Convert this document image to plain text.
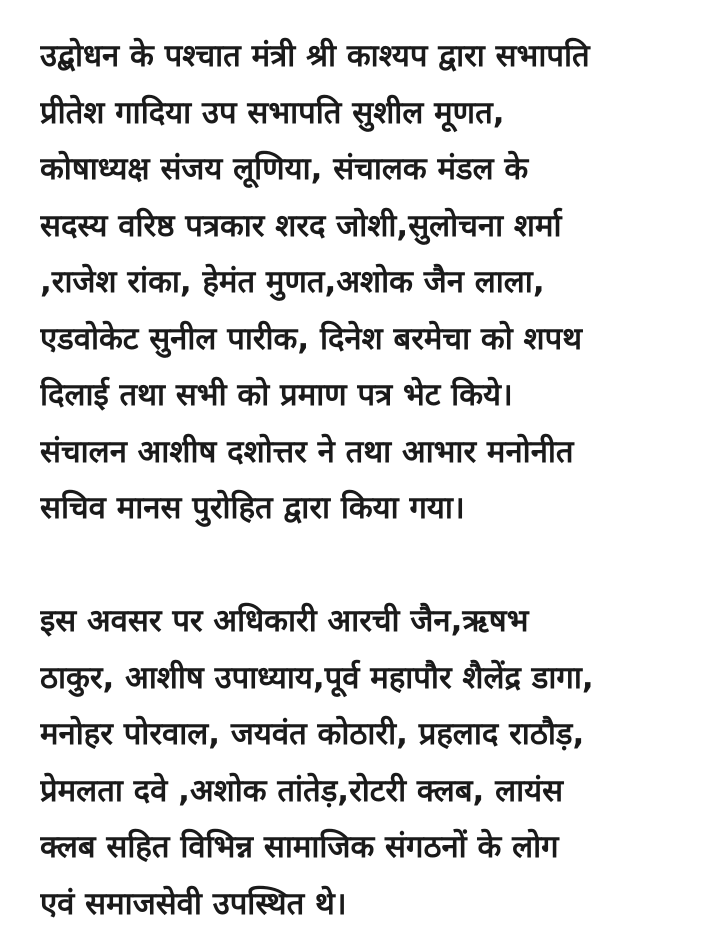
उद्बोधन के पश्चात मंत्री श्री काश्यप द्वारा सभापति
प्रीतेश गादिया उप सभापति सुशील मूणत,
कोषाध्यक्ष संजय लूणिया, संचालक मंडल के
सदस्य वरिष्ठ पत्रकार शरद जोशी,सुलोचना शर्मा
,राजेश रांका, हेमंत मुणत,अशोक जैन लाला,
एडवोकेट सुनील पारीक, दिनेश बरमेचा को शपथ
दिलाई तथा सभी को प्रमाण पत्र भेट किये।
संचालन आशीष दशोत्तर ने तथा आभार मनोनीत
सचिव मानस पुरोहित द्वारा किया गया।

इस अवसर पर अधिकारी आरची जैन,ऋषभ
ठाकुर, आशीष उपाध्याय,पूर्व महापौर शैलेंद्र डागा,
मनोहर पोरवाल, जयवंत कोठारी, प्रहलाद राठौड़,
प्रेमलता दवे ,अशोक तांतेड़,रोटरी क्लब, लायंस
क्लब सहित विभिन्न सामाजिक संगठनों के लोग
एवं समाजसेवी उपस्थित थे।
